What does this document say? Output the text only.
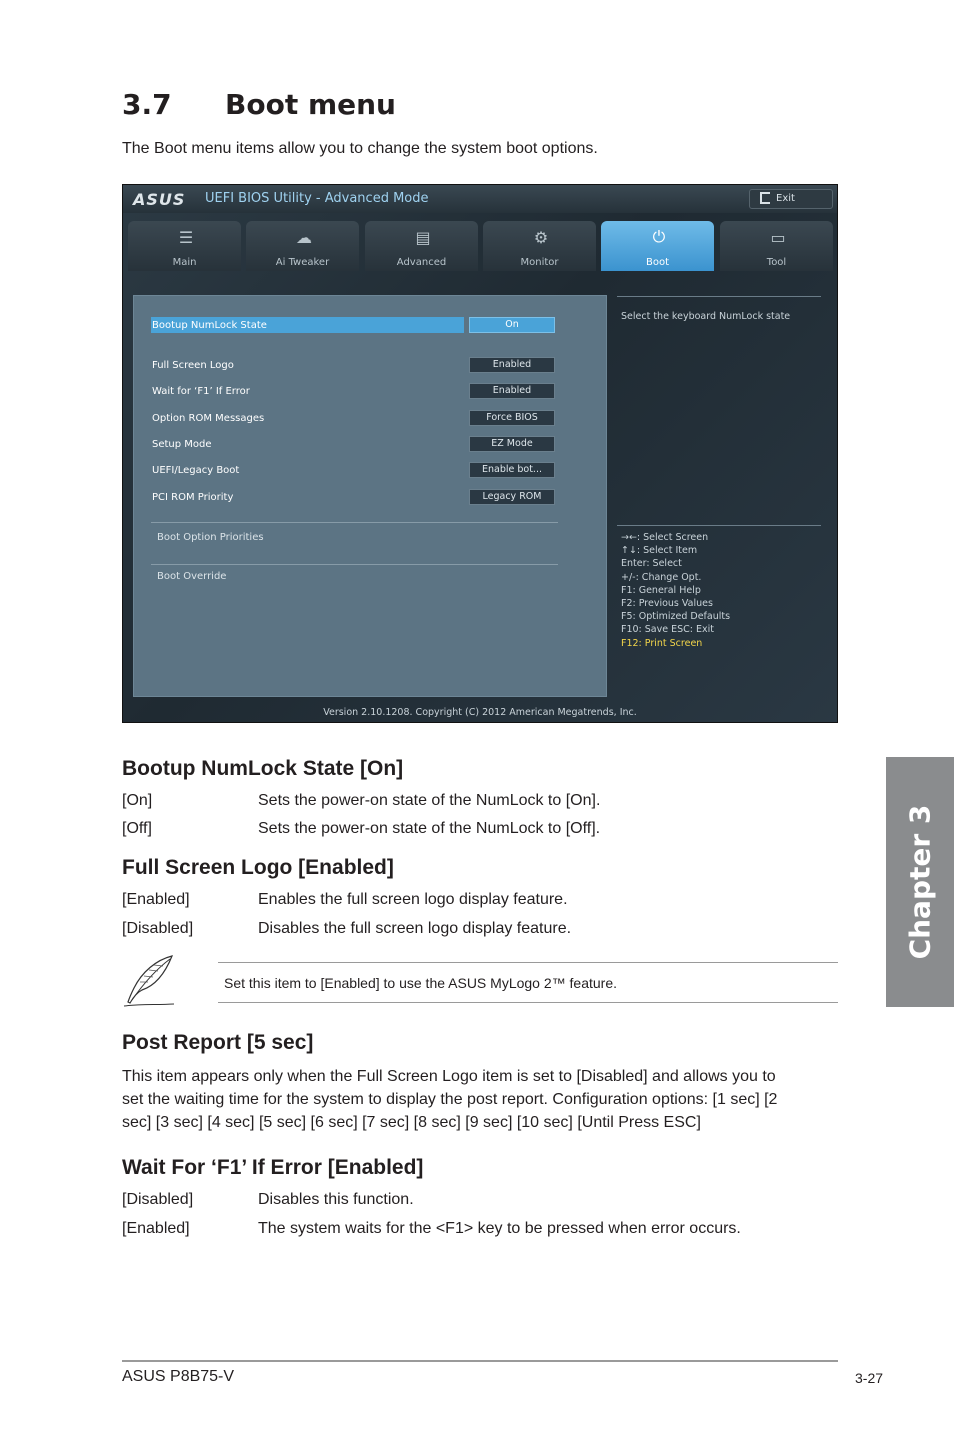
3.7 Boot menu
The Boot menu items allow you to change the system boot options.
ASUS UEFI BIOS Utility - Advanced Mode	Exit
☰
Main
☁
Ai Tweaker
▤
Advanced
⚙
Monitor
⏻
Boot
▭
Tool
Bootup NumLock State	On
Full Screen Logo	Enabled
Wait for ‘F1’ If Error	Enabled
Option ROM Messages	Force BIOS
Setup Mode	EZ Mode
UEFI/Legacy Boot	Enable bot...
PCI ROM Priority	Legacy ROM
Boot Option Priorities
Boot Override
Select the keyboard NumLock state
→←: Select Screen
↑↓: Select Item
Enter: Select
+/-: Change Opt.
F1: General Help
F2: Previous Values
F5: Optimized Defaults
F10: Save ESC: Exit
F12: Print Screen
Version 2.10.1208. Copyright (C) 2012 American Megatrends, Inc.
Bootup NumLock State [On]
[On]	Sets the power-on state of the NumLock to [On].
[Off]	Sets the power-on state of the NumLock to [Off].
Full Screen Logo [Enabled]
[Enabled]	Enables the full screen logo display feature.
[Disabled]	Disables the full screen logo display feature.
Set this item to [Enabled] to use the ASUS MyLogo 2™ feature.
Post Report [5 sec]
This item appears only when the Full Screen Logo item is set to [Disabled] and allows you to
set the waiting time for the system to display the post report. Configuration options: [1 sec] [2
sec] [3 sec] [4 sec] [5 sec] [6 sec] [7 sec] [8 sec] [9 sec] [10 sec] [Until Press ESC]
Wait For ‘F1’ If Error [Enabled]
[Disabled]	Disables this function.
[Enabled]	The system waits for the <F1> key to be pressed when error occurs.
Chapter 3
ASUS P8B75-V	3-27
